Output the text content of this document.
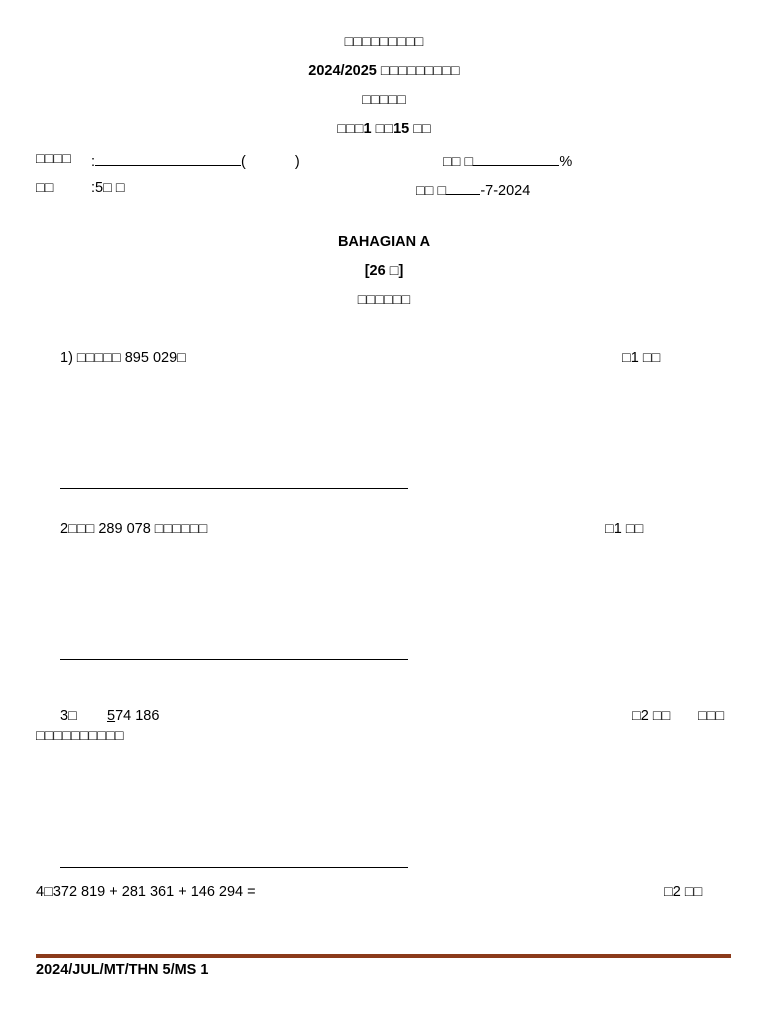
□□□□□□□□□
2024/2025 □□□□□□□□□
□□□□□
□□□1 □□15 □□
□□□□ :	(	)	□□ □	%
□□	:5□ □	□□ □ -7-2024
BAHAGIAN A
[26 □]
□□□□□□
1) □□□□□ 895 029□	□1 □□
2□□□ 289 078 □□□□□□	□1 □□
3□ 574 186	□2 □□ □□□
□□□□□□□□□□
4□372 819 + 281 361 + 146 294 =	□2 □□
2024/JUL/MT/THN 5/MS 1
